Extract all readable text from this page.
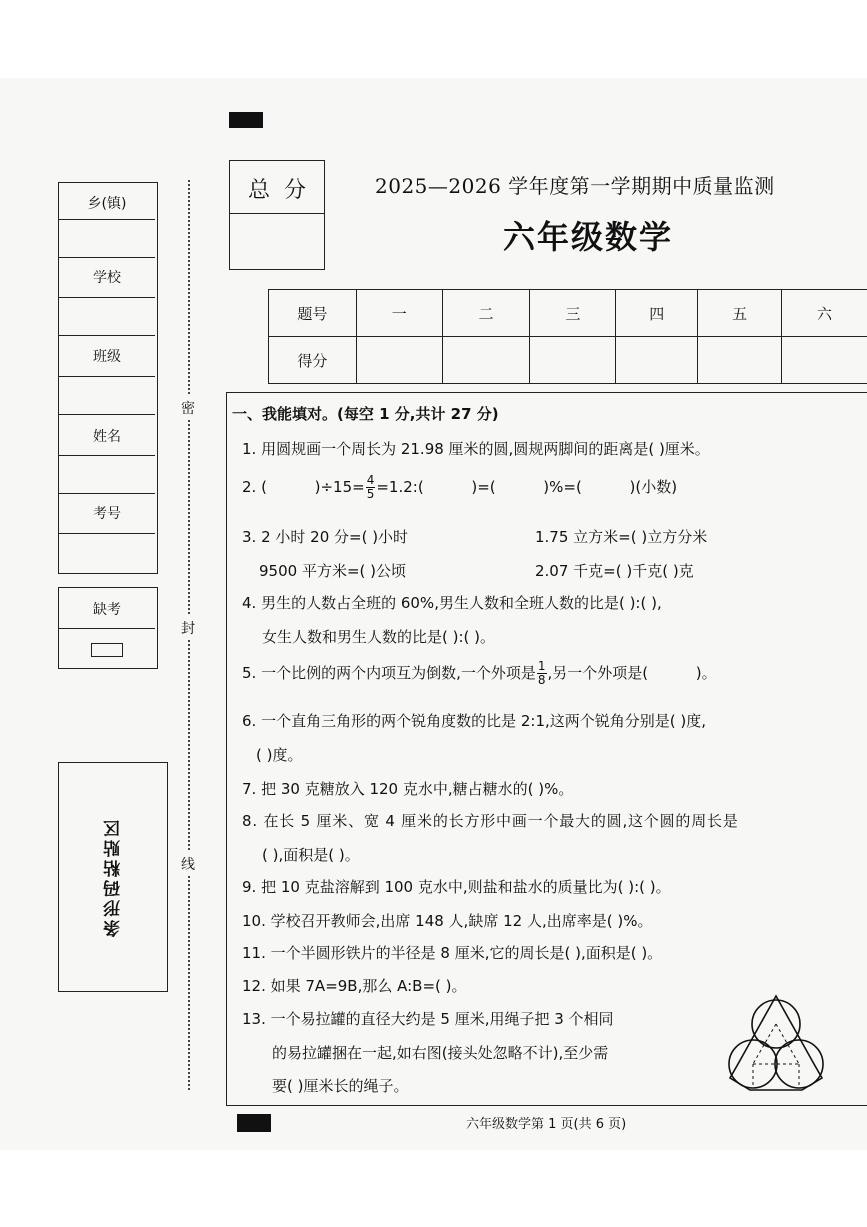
乡(镇)
学校
班级
姓名
考号
缺考
条形码粘贴区
密
封
线
总  分	2025—2026 学年度第一学期期中质量监测
六年级数学
题号	一	二	三	四	五	六
得分						
一、我能填对。(每空 1 分,共计 27 分)
1. 用圆规画一个周长为 21.98 厘米的圆,圆规两脚间的距离是( )厘米。
2. (          )$\div 15= \frac{4}{5}$ =1.2:(          )=(          )%=(          )(小数)
3. 2 小时 20 分=( )小时	1.75 立方米=( )立方分米
9500 平方米=( )公顷	2.07 千克=( )千克( )克
4. 男生的人数占全班的 60%,男生人数和全班人数的比是( ):( ),
女生人数和男生人数的比是( ):( )。
5. 一个比例的两个内项互为倒数,一个外项是 $\frac{1}{8}$ ,另一个外项是(          )。
6. 一个直角三角形的两个锐角度数的比是 2:1,这两个锐角分别是( )度,
( )度。
7. 把 30 克糖放入 120 克水中,糖占糖水的( )%。
8. 在长 5 厘米、宽 4 厘米的长方形中画一个最大的圆,这个圆的周长是
( ),面积是( )。
9. 把 10 克盐溶解到 100 克水中,则盐和盐水的质量比为( ):( )。
10. 学校召开教师会,出席 148 人,缺席 12 人,出席率是( )%。
11. 一个半圆形铁片的半径是 8 厘米,它的周长是( ),面积是( )。
12. 如果 7A=9B,那么 A:B=( )。
13. 一个易拉罐的直径大约是 5 厘米,用绳子把 3 个相同
的易拉罐捆在一起,如右图(接头处忽略不计),至少需
要( )厘米长的绳子。
六年级数学第 1 页(共 6 页)
